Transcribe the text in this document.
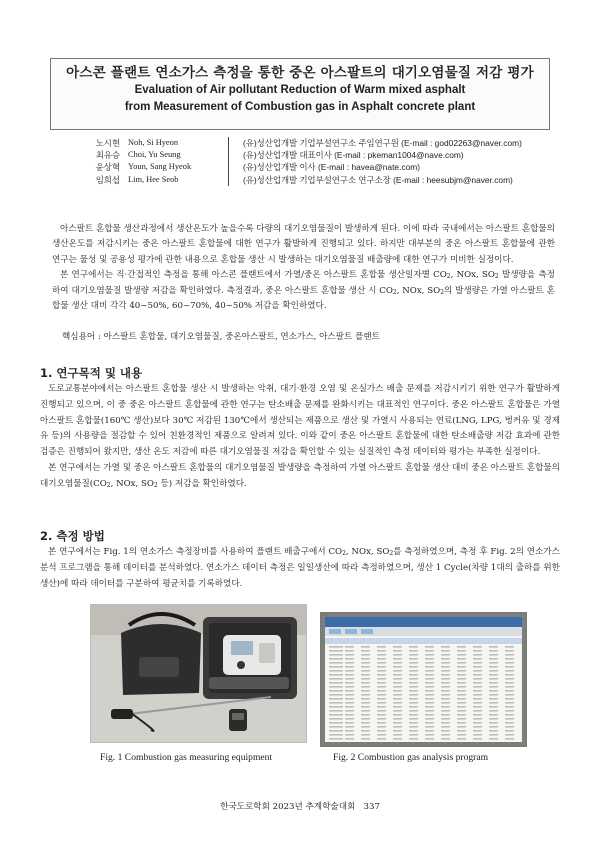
아스콘 플랜트 연소가스 측정을 통한 중온 아스팔트의 대기오염물질 저감 평가
Evaluation of Air pollutant Reduction of Warm mixed asphalt
from Measurement of Combustion gas in Asphalt concrete plant
노시현 Noh, Si Hyeon	(유)성산업개발 기업부설연구소 주임연구원 (E-mail : god02263@naver.com)
최유승 Choi, Yu Seung	(유)성산업개발 대표이사 (E-mail : pkeman1004@nave.com)
윤상혁 Youn, Sang Hyeok	(유)성산업개발 이사 (E-mail : havea@nate.com)
임희섭 Lim, Hee Seob	(유)성산업개발 기업부설연구소 연구소장 (E-mail : heesubjm@naver.com)

아스팔트 혼합물 생산과정에서 생산온도가 높을수록 다량의 대기오염물질이 발생하게 된다. 이에 따라 국내에서는 아스팔트 혼합물의 생산온도를 저감시키는 중온 아스팔트 혼합물에 대한 연구가 활발하게 진행되고 있다. 하지만 대부분의 중온 아스팔트 혼합물에 관한 연구는 물성 및 공용성 평가에 관한 내용으로 혼합물 생산 시 발생하는 대기오염물질 배출량에 대한 연구가 미비한 실정이다.

본 연구에서는 직·간접적인 측정을 통해 아스콘 플랜트에서 가열/중온 아스팔트 혼합물 생산일자별 $CO_2$, NOx, $SO_2$ 발생량을 측정하여 대기오염물질 발생량 저감을 확인하였다. 측정결과, 중온 아스팔트 혼합물 생산 시 $CO_2$, NOx, $SO_2$의 발생량은 가열 아스팔트 혼합물 생산 대비 각각 40~50%, 60~70%, 40~50% 저감을 확인하였다.

핵심용어 : 아스팔트 혼합물, 대기오염물질, 중온아스팔트, 연소가스, 아스팔트 플랜트
1. 연구목적 및 내용

도로교통분야에서는 아스팔트 혼합물 생산 시 발생하는 악취, 대기·환경 오염 및 온실가스 배출 문제를 저감시키기 위한 연구가 활발하게 진행되고 있으며, 이 중 중온 아스팔트 혼합물에 관한 연구는 탄소배출 문제를 완화시키는 대표적인 연구이다. 중온 아스팔트 혼합물은 가열 아스팔트 혼합물(160℃ 생산)보다 30℃ 저감된 130℃에서 생산되는 제품으로 생산 및 가열시 사용되는 연료(LNG, LPG, 벙커유 및 경제유 등)의 사용량을 절감할 수 있어 친환경적인 제품으로 알려져 있다. 이와 같이 중온 아스팔트 혼합물에 대한 탄소배출량 저감 효과에 관한 검증은 진행되어 왔지만, 생산 온도 저감에 따른 대기오염물질 저감을 확인할 수 있는 실질적인 측정 데이터와 평가는 부족한 실정이다.

본 연구에서는 가열 및 중온 아스팔트 혼합물의 대기오염물질 발생량을 측정하여 가열 아스팔트 혼합물 생산 대비 중온 아스팔트 혼합물의 대기오염물질($CO_2$, NOx, $SO_2$ 등) 저감을 확인하였다.

2. 측정 방법

본 연구에서는 Fig. 1의 연소가스 측정장비를 사용하여 플랜트 배출구에서 $CO_2$, NOx, $SO_2$를 측정하였으며, 측정 후 Fig. 2의 연소가스 분석 프로그램을 통해 데이터를 분석하였다. 연소가스 데이터 측정은 일일생산에 따라 측정하였으며, 생산 1 Cycle(차량 1대의 출하를 위한 생산)에 따라 데이터를 구분하여 평균치를 기록하였다.

Fig. 1 Combustion gas measuring equipment	Fig. 2 Combustion gas analysis program
한국도로학회 2023년 추계학술대회 337
